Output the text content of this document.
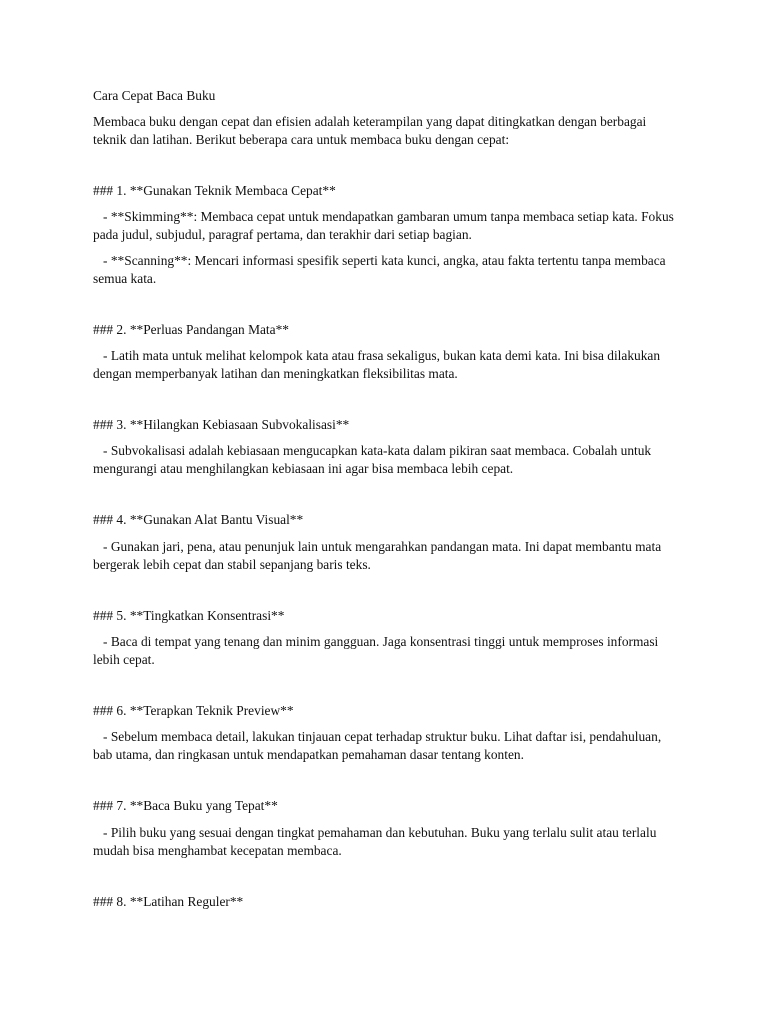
Cara Cepat Baca Buku

Membaca buku dengan cepat dan efisien adalah keterampilan yang dapat ditingkatkan dengan berbagai teknik dan latihan. Berikut beberapa cara untuk membaca buku dengan cepat:

### 1. **Gunakan Teknik Membaca Cepat**

- **Skimming**: Membaca cepat untuk mendapatkan gambaran umum tanpa membaca setiap kata. Fokus pada judul, subjudul, paragraf pertama, dan terakhir dari setiap bagian.

- **Scanning**: Mencari informasi spesifik seperti kata kunci, angka, atau fakta tertentu tanpa membaca semua kata.

### 2. **Perluas Pandangan Mata**

- Latih mata untuk melihat kelompok kata atau frasa sekaligus, bukan kata demi kata. Ini bisa dilakukan dengan memperbanyak latihan dan meningkatkan fleksibilitas mata.

### 3. **Hilangkan Kebiasaan Subvokalisasi**

- Subvokalisasi adalah kebiasaan mengucapkan kata-kata dalam pikiran saat membaca. Cobalah untuk mengurangi atau menghilangkan kebiasaan ini agar bisa membaca lebih cepat.

### 4. **Gunakan Alat Bantu Visual**

- Gunakan jari, pena, atau penunjuk lain untuk mengarahkan pandangan mata. Ini dapat membantu mata bergerak lebih cepat dan stabil sepanjang baris teks.

### 5. **Tingkatkan Konsentrasi**

- Baca di tempat yang tenang dan minim gangguan. Jaga konsentrasi tinggi untuk memproses informasi lebih cepat.

### 6. **Terapkan Teknik Preview**

- Sebelum membaca detail, lakukan tinjauan cepat terhadap struktur buku. Lihat daftar isi, pendahuluan, bab utama, dan ringkasan untuk mendapatkan pemahaman dasar tentang konten.

### 7. **Baca Buku yang Tepat**

- Pilih buku yang sesuai dengan tingkat pemahaman dan kebutuhan. Buku yang terlalu sulit atau terlalu mudah bisa menghambat kecepatan membaca.

### 8. **Latihan Reguler**
